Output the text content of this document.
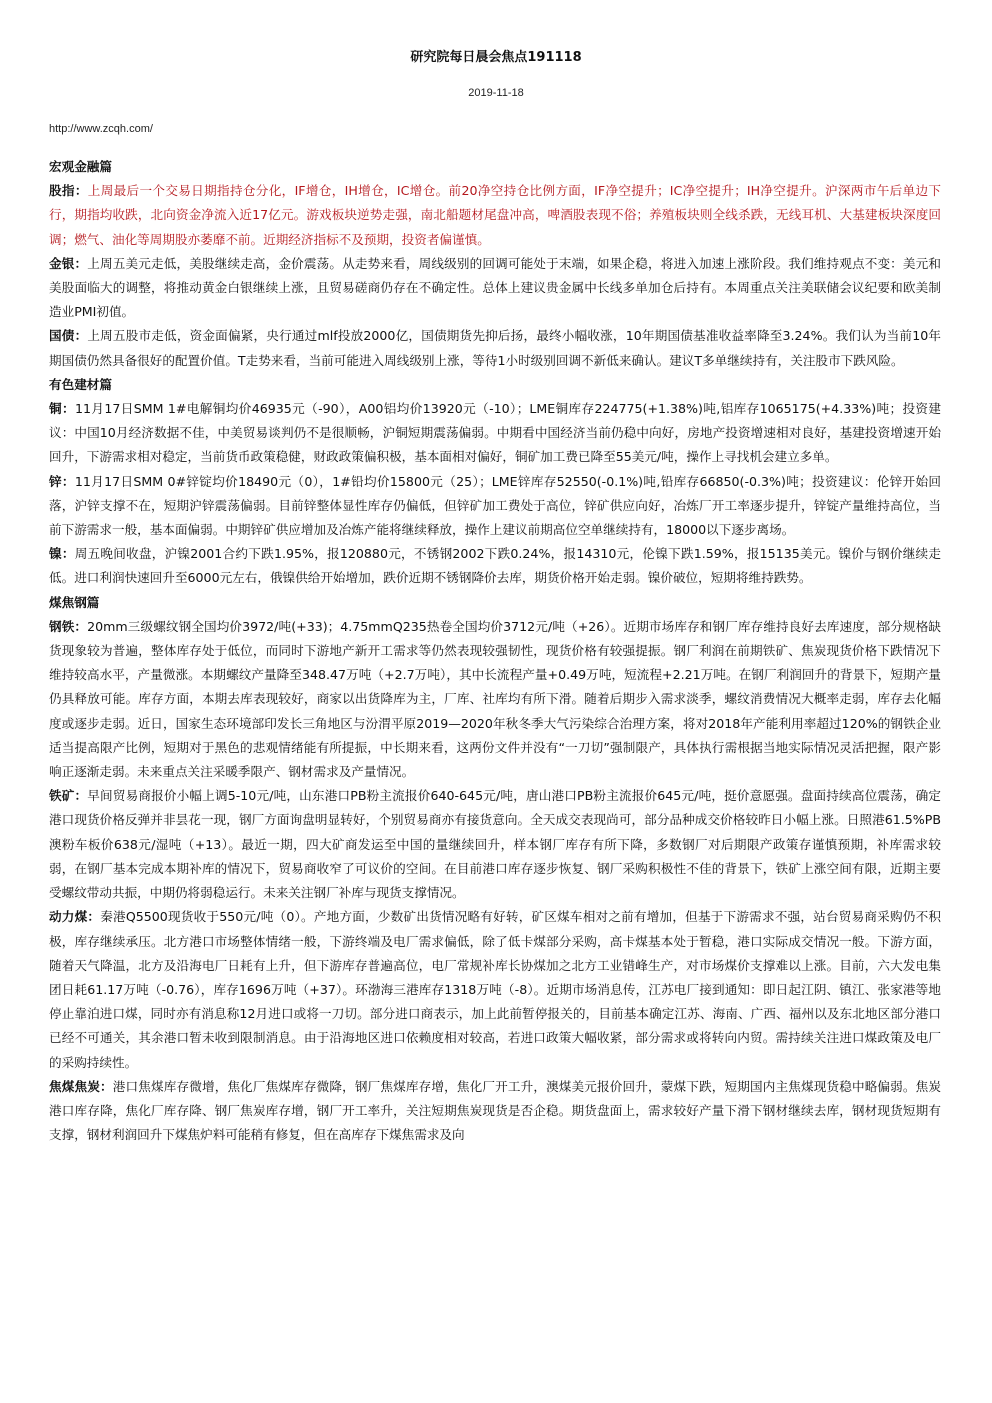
研究院每日晨会焦点191118
2019-11-18
http://www.zcqh.com/
宏观金融篇

股指：上周最后一个交易日期指持仓分化，IF增仓，IH增仓，IC增仓。前20净空持仓比例方面，IF净空提升；IC净空提升；IH净空提升。沪深两市午后单边下行，期指均收跌，北向资金净流入近17亿元。游戏板块逆势走强，南北船题材尾盘冲高，啤酒股表现不俗；养殖板块则全线杀跌，无线耳机、大基建板块深度回调；燃气、油化等周期股亦萎靡不前。近期经济指标不及预期，投资者偏谨慎。

金银：上周五美元走低，美股继续走高，金价震荡。从走势来看，周线级别的回调可能处于末端，如果企稳，将进入加速上涨阶段。我们维持观点不变：美元和美股面临大的调整，将推动黄金白银继续上涨，且贸易磋商仍存在不确定性。总体上建议贵金属中长线多单加仓后持有。本周重点关注美联储会议纪要和欧美制造业PMI初值。

国债：上周五股市走低，资金面偏紧，央行通过mlf投放2000亿，国债期货先抑后扬，最终小幅收涨，10年期国债基准收益率降至3.24%。我们认为当前10年期国债仍然具备很好的配置价值。T走势来看，当前可能进入周线级别上涨，等待1小时级别回调不新低来确认。建议T多单继续持有，关注股市下跌风险。

有色建材篇

铜：11月17日SMM 1#电解铜均价46935元（-90），A00铝均价13920元（-10）；LME铜库存224775(+1.38%)吨,铝库存1065175(+4.33%)吨；投资建议：中国10月经济数据不佳，中美贸易谈判仍不是很顺畅，沪铜短期震荡偏弱。中期看中国经济当前仍稳中向好，房地产投资增速相对良好，基建投资增速开始回升，下游需求相对稳定，当前货币政策稳健，财政政策偏积极，基本面相对偏好，铜矿加工费已降至55美元/吨，操作上寻找机会建立多单。

锌：11月17日SMM 0#锌锭均价18490元（0），1#铅均价15800元（25）；LME锌库存52550(-0.1%)吨,铅库存66850(-0.3%)吨；投资建议：伦锌开始回落，沪锌支撑不在，短期沪锌震荡偏弱。目前锌整体显性库存仍偏低，但锌矿加工费处于高位，锌矿供应向好，冶炼厂开工率逐步提升，锌锭产量维持高位，当前下游需求一般，基本面偏弱。中期锌矿供应增加及冶炼产能将继续释放，操作上建议前期高位空单继续持有，18000以下逐步离场。

镍：周五晚间收盘，沪镍2001合约下跌1.95%，报120880元，不锈钢2002下跌0.24%，报14310元，伦镍下跌1.59%，报15135美元。镍价与钢价继续走低。进口利润快速回升至6000元左右，俄镍供给开始增加，跌价近期不锈钢降价去库，期货价格开始走弱。镍价破位，短期将维持跌势。

煤焦钢篇

钢铁：20mm三级螺纹钢全国均价3972/吨(+33)；4.75mmQ235热卷全国均价3712元/吨（+26）。近期市场库存和钢厂库存维持良好去库速度，部分规格缺货现象较为普遍，整体库存处于低位，而同时下游地产新开工需求等仍然表现较强韧性，现货价格有较强提振。钢厂利润在前期铁矿、焦炭现货价格下跌情况下维持较高水平，产量微涨。本期螺纹产量降至348.47万吨（+2.7万吨），其中长流程产量+0.49万吨，短流程+2.21万吨。在钢厂利润回升的背景下，短期产量仍具释放可能。库存方面，本期去库表现较好，商家以出货降库为主，厂库、社库均有所下滑。随着后期步入需求淡季，螺纹消费情况大概率走弱，库存去化幅度或逐步走弱。近日，国家生态环境部印发长三角地区与汾渭平原2019—2020年秋冬季大气污染综合治理方案，将对2018年产能利用率超过120%的钢铁企业适当提高限产比例，短期对于黑色的悲观情绪能有所提振，中长期来看，这两份文件并没有“一刀切”强制限产，具体执行需根据当地实际情况灵活把握，限产影响正逐渐走弱。未来重点关注采暖季限产、钢材需求及产量情况。

铁矿：早间贸易商报价小幅上调5-10元/吨，山东港口PB粉主流报价640-645元/吨，唐山港口PB粉主流报价645元/吨，挺价意愿强。盘面持续高位震荡，确定港口现货价格反弹并非昙花一现，钢厂方面询盘明显转好，个别贸易商亦有接货意向。全天成交表现尚可，部分品种成交价格较昨日小幅上涨。日照港61.5%PB澳粉车板价638元/湿吨（+13）。最近一期，四大矿商发运至中国的量继续回升，样本钢厂库存有所下降，多数钢厂对后期限产政策存谨慎预期，补库需求较弱，在钢厂基本完成本期补库的情况下，贸易商收窄了可议价的空间。在目前港口库存逐步恢复、钢厂采购积极性不佳的背景下，铁矿上涨空间有限，近期主要受螺纹带动共振，中期仍将弱稳运行。未来关注钢厂补库与现货支撑情况。

动力煤：秦港Q5500现货收于550元/吨（0）。产地方面，少数矿出货情况略有好转，矿区煤车相对之前有增加，但基于下游需求不强，站台贸易商采购仍不积极，库存继续承压。北方港口市场整体情绪一般，下游终端及电厂需求偏低，除了低卡煤部分采购，高卡煤基本处于暂稳，港口实际成交情况一般。下游方面，随着天气降温，北方及沿海电厂日耗有上升，但下游库存普遍高位，电厂常规补库长协煤加之北方工业错峰生产，对市场煤价支撑难以上涨。目前，六大发电集团日耗61.17万吨（-0.76），库存1696万吨（+37）。环渤海三港库存1318万吨（-8）。近期市场消息传，江苏电厂接到通知：即日起江阴、镇江、张家港等地停止靠泊进口煤，同时亦有消息称12月进口或将一刀切。部分进口商表示，加上此前暂停报关的，目前基本确定江苏、海南、广西、福州以及东北地区部分港口已经不可通关，其余港口暂未收到限制消息。由于沿海地区进口依赖度相对较高，若进口政策大幅收紧，部分需求或将转向内贸。需持续关注进口煤政策及电厂的采购持续性。

焦煤焦炭：港口焦煤库存微增，焦化厂焦煤库存微降，钢厂焦煤库存增，焦化厂开工升，澳煤美元报价回升，蒙煤下跌，短期国内主焦煤现货稳中略偏弱。焦炭港口库存降，焦化厂库存降、钢厂焦炭库存增，钢厂开工率升，关注短期焦炭现货是否企稳。期货盘面上，需求较好产量下滑下钢材继续去库，钢材现货短期有支撑，钢材利润回升下煤焦炉料可能稍有修复，但在高库存下煤焦需求及向
